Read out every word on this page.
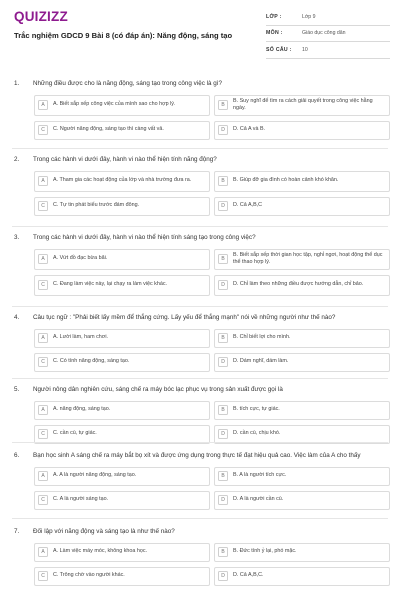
QUIZIZZ
Trắc nghiệm GDCD 9 Bài 8 (có đáp án): Năng động, sáng tạo
LỚP :	Lớp 9
MÔN :	Giáo dục công dân
SỐ CÂU :	10
1. Những điều được cho là năng động, sáng tạo trong công việc là gì?
A	A. Biết sắp xếp công việc của mình sao cho hợp lý.	B
B. Suy nghĩ để tìm ra cách giải quyết trong công việc hằng ngày.
C	C. Người năng động, sáng tạo thì càng vất vả.	D	D. Cả A và B.
2. Trong các hành vi dưới đây, hành vi nào thể hiện tính năng động?
A	A. Tham gia các hoạt động của lớp và nhà trường đưa ra.	B	B. Giúp đỡ gia đình có hoàn cảnh khó khăn.
C	C. Tự tin phát biểu trước đám đông.	D	D. Cả A,B,C
3. Trong các hành vi dưới đây, hành vi nào thể hiện tính sáng tạo trong công việc?
A	A. Vứt đồ đạc bừa bãi.	B
B. Biết sắp xếp thời gian học tập, nghỉ ngơi, hoạt động thể dục thể thao hợp lý.
C	C. Đang làm việc này, lại chạy ra làm việc khác.	D	D. Chỉ làm theo những điều được hướng dẫn, chỉ bảo.
4. Câu tục ngữ : "Phải biết lấy mềm để thắng cứng. Lấy yếu để thắng mạnh" nói về những người như thế nào?
A	A. Lười làm, ham chơi.	B	B. Chỉ biết lợi cho mình.
C	C. Có tính năng động, sáng tạo.	D	D. Dám nghĩ, dám làm.
5. Người nông dân nghiên cứu, sáng chế ra máy bóc lạc phục vụ trong sản xuất được gọi là
A	A. năng động, sáng tạo.	B	B. tích cực, tự giác.
C	C. cần cù, tự giác.	D	D. cần cù, chịu khó.
6. Bạn học sinh A sáng chế ra máy bắt bọ xít và được ứng dụng trong thực tế đạt hiệu quả cao. Việc làm của A cho thấy
A	A. A là người năng động, sáng tạo.	B	B. A là người tích cực.
C	C. A là người sáng tạo.	D	D. A là người cần cù.
7. Đối lập với năng động và sáng tạo là như thế nào?
A	A. Làm việc máy móc, không khoa học.	B	B. Đức tính ỷ lại, phó mặc.
C	C. Trông chờ vào người khác.	D	D. Cả A,B,C.
